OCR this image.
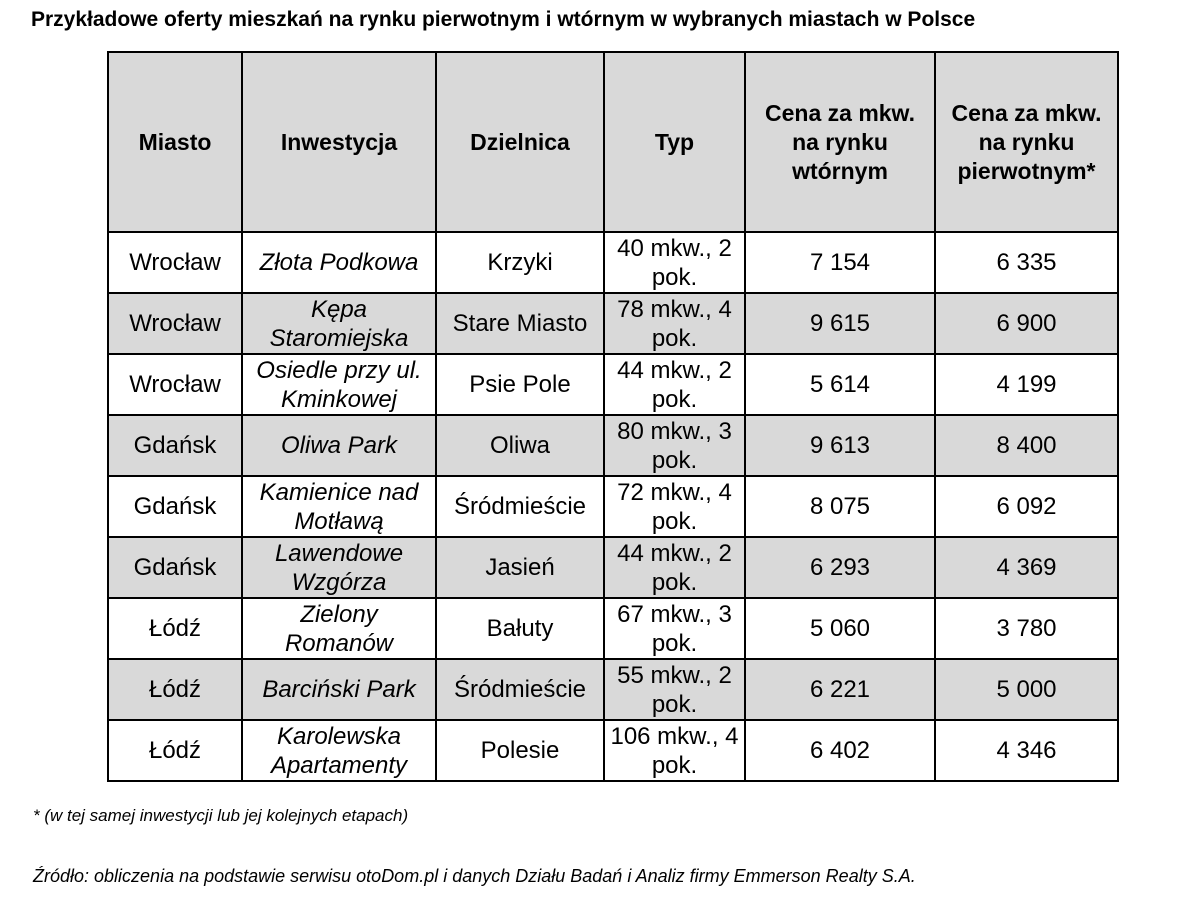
Przykładowe oferty mieszkań na rynku pierwotnym i wtórnym w wybranych miastach w Polsce
Miasto	Inwestycja	Dzielnica	Typ	Cena za mkw. na rynku wtórnym	Cena za mkw. na rynku pierwotnym*
Wrocław	Złota Podkowa	Krzyki	40 mkw., 2 pok.	7 154	6 335
Wrocław	Kępa Staromiejska	Stare Miasto	78 mkw., 4 pok.	9 615	6 900
Wrocław	Osiedle przy ul. Kminkowej	Psie Pole	44 mkw., 2 pok.	5 614	4 199
Gdańsk	Oliwa Park	Oliwa	80 mkw., 3 pok.	9 613	8 400
Gdańsk	Kamienice nad Motławą	Śródmieście	72 mkw., 4 pok.	8 075	6 092
Gdańsk	Lawendowe Wzgórza	Jasień	44 mkw., 2 pok.	6 293	4 369
Łódź	Zielony Romanów	Bałuty	67 mkw., 3 pok.	5 060	3 780
Łódź	Barciński Park	Śródmieście	55 mkw., 2 pok.	6 221	5 000
Łódź	Karolewska Apartamenty	Polesie	106 mkw., 4 pok.	6 402	4 346
* (w tej samej inwestycji lub jej kolejnych etapach)
Źródło: obliczenia na podstawie serwisu otoDom.pl i danych Działu Badań i Analiz firmy Emmerson Realty S.A.
